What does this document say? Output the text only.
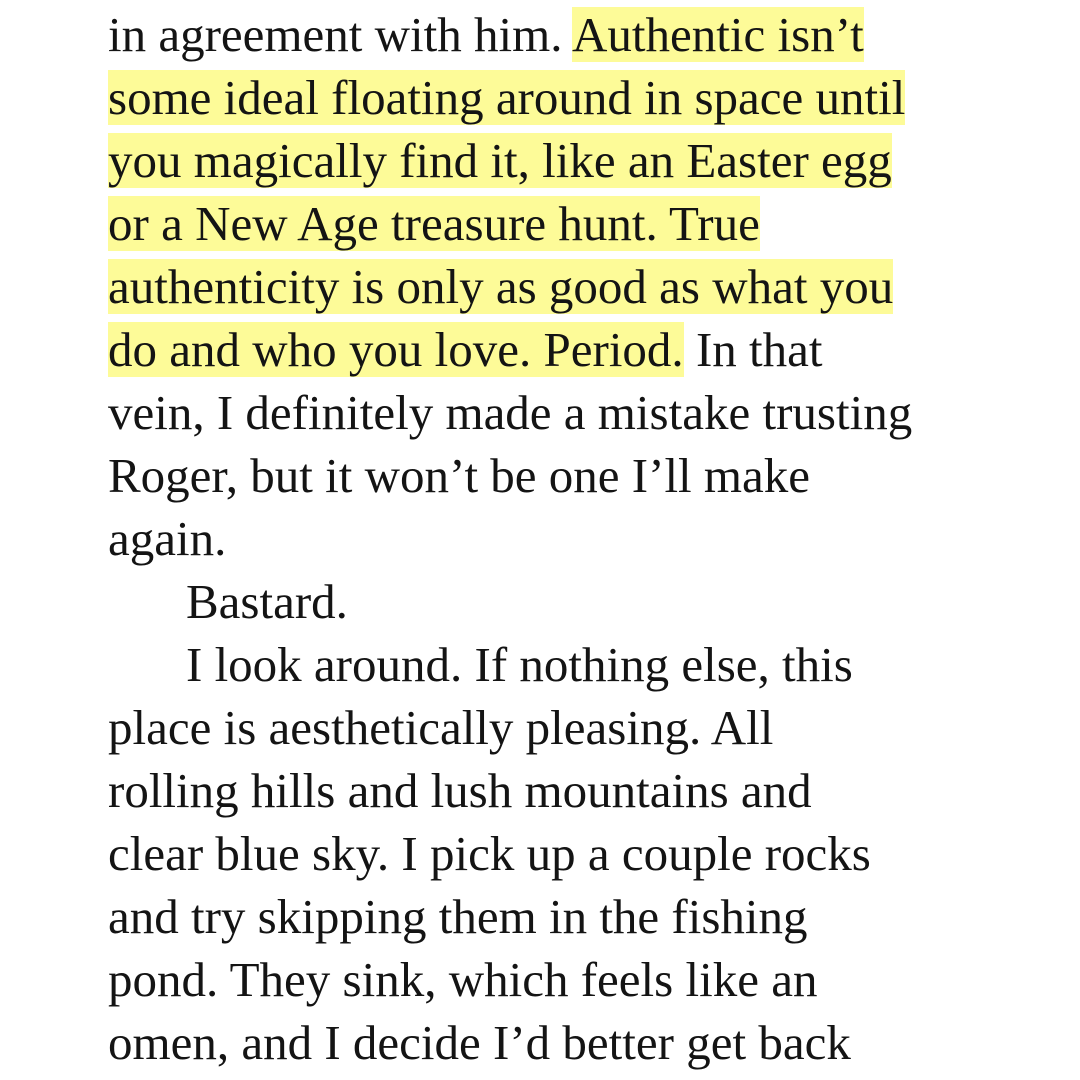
in agreement with him. Authentic isn’t
some ideal floating around in space until
you magically find it, like an Easter egg
or a New Age treasure hunt. True
authenticity is only as good as what you
do and who you love. Period. In that
vein, I definitely made a mistake trusting
Roger, but it won’t be one I’ll make
again.
Bastard.
I look around. If nothing else, this
place is aesthetically pleasing. All
rolling hills and lush mountains and
clear blue sky. I pick up a couple rocks
and try skipping them in the fishing
pond. They sink, which feels like an
omen, and I decide I’d better get back
